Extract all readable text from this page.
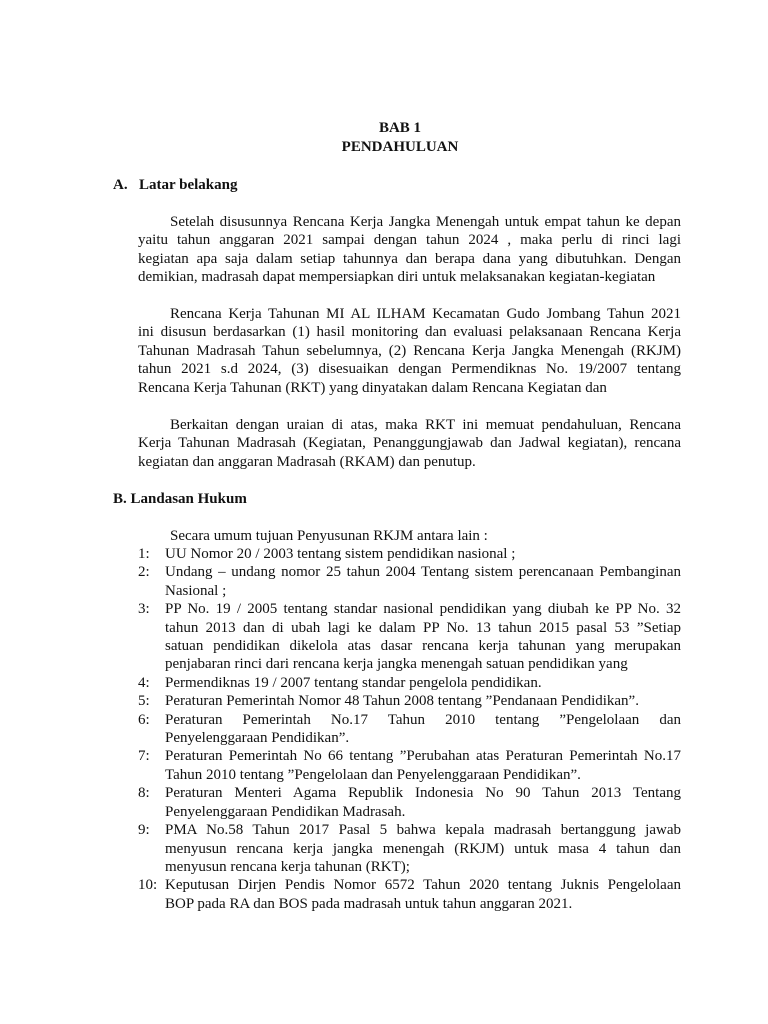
BAB 1
PENDAHULUAN
A. Latar belakang
Setelah disusunnya Rencana Kerja Jangka Menengah untuk empat tahun ke depan
yaitu tahun anggaran 2021 sampai dengan tahun 2024 , maka perlu di rinci lagi
kegiatan apa saja dalam setiap tahunnya dan berapa dana yang dibutuhkan. Dengan
demikian, madrasah dapat mempersiapkan diri untuk melaksanakan kegiatan-kegiatan
Rencana Kerja Tahunan MI AL ILHAM Kecamatan Gudo Jombang Tahun 2021
ini disusun berdasarkan (1) hasil monitoring dan evaluasi pelaksanaan Rencana Kerja
Tahunan Madrasah Tahun sebelumnya, (2) Rencana Kerja Jangka Menengah (RKJM)
tahun 2021 s.d 2024, (3) disesuaikan dengan Permendiknas No. 19/2007 tentang
Rencana Kerja Tahunan (RKT) yang dinyatakan dalam Rencana Kegiatan dan
Berkaitan dengan uraian di atas, maka RKT ini memuat pendahuluan, Rencana
Kerja Tahunan Madrasah (Kegiatan, Penanggungjawab dan Jadwal kegiatan), rencana
kegiatan dan anggaran Madrasah (RKAM) dan penutup.
B. Landasan Hukum
Secara umum tujuan Penyusunan RKJM antara lain :
1: UU Nomor 20 / 2003 tentang sistem pendidikan nasional ;
2: Undang – undang nomor 25 tahun 2004 Tentang sistem perencanaan Pembanginan
Nasional ;
3: PP No. 19 / 2005 tentang standar nasional pendidikan yang diubah ke PP No. 32
tahun 2013 dan di ubah lagi ke dalam PP No. 13 tahun 2015 pasal 53 ”Setiap
satuan pendidikan dikelola atas dasar rencana kerja tahunan yang merupakan
penjabaran rinci dari rencana kerja jangka menengah satuan pendidikan yang
4: Permendiknas 19 / 2007 tentang standar pengelola pendidikan.
5: Peraturan Pemerintah Nomor 48 Tahun 2008 tentang ”Pendanaan Pendidikan”.
6: Peraturan Pemerintah No.17 Tahun 2010 tentang ”Pengelolaan dan
Penyelenggaraan Pendidikan”.
7: Peraturan Pemerintah No 66 tentang ”Perubahan atas Peraturan Pemerintah No.17
Tahun 2010 tentang ”Pengelolaan dan Penyelenggaraan Pendidikan”.
8: Peraturan Menteri Agama Republik Indonesia No 90 Tahun 2013 Tentang
Penyelenggaraan Pendidikan Madrasah.
9: PMA No.58 Tahun 2017 Pasal 5 bahwa kepala madrasah bertanggung jawab
menyusun rencana kerja jangka menengah (RKJM) untuk masa 4 tahun dan
menyusun rencana kerja tahunan (RKT);
10: Keputusan Dirjen Pendis Nomor 6572 Tahun 2020 tentang Juknis Pengelolaan
BOP pada RA dan BOS pada madrasah untuk tahun anggaran 2021.
